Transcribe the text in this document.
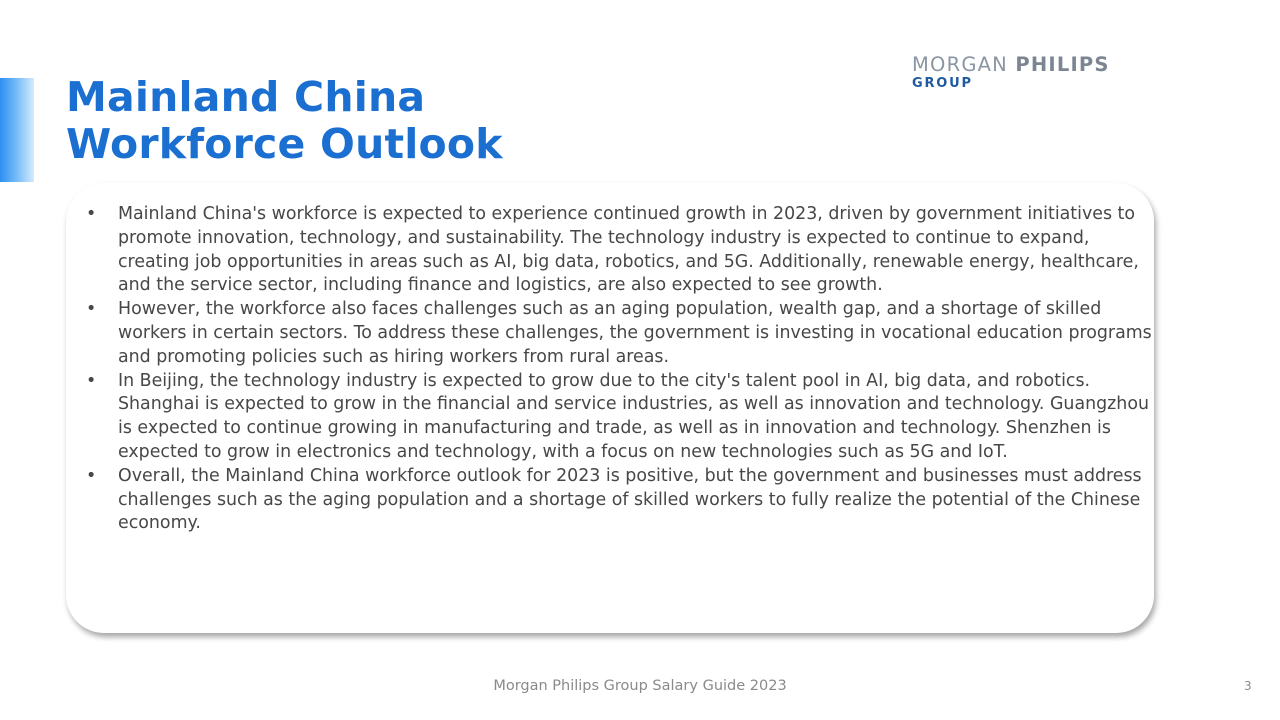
Mainland China
Workforce Outlook
MORGAN PHILIPS
GROUP
• Mainland China's workforce is expected to experience continued growth in 2023, driven by government initiatives to promote innovation, technology, and sustainability. The technology industry is expected to continue to expand, creating job opportunities in areas such as AI, big data, robotics, and 5G. Additionally, renewable energy, healthcare, and the service sector, including finance and logistics, are also expected to see growth.
• However, the workforce also faces challenges such as an aging population, wealth gap, and a shortage of skilled workers in certain sectors. To address these challenges, the government is investing in vocational education programs and promoting policies such as hiring workers from rural areas.
• In Beijing, the technology industry is expected to grow due to the city's talent pool in AI, big data, and robotics. Shanghai is expected to grow in the financial and service industries, as well as innovation and technology. Guangzhou is expected to continue growing in manufacturing and trade, as well as in innovation and technology. Shenzhen is expected to grow in electronics and technology, with a focus on new technologies such as 5G and IoT.
• Overall, the Mainland China workforce outlook for 2023 is positive, but the government and businesses must address challenges such as the aging population and a shortage of skilled workers to fully realize the potential of the Chinese economy.
Morgan Philips Group Salary Guide 2023	3
